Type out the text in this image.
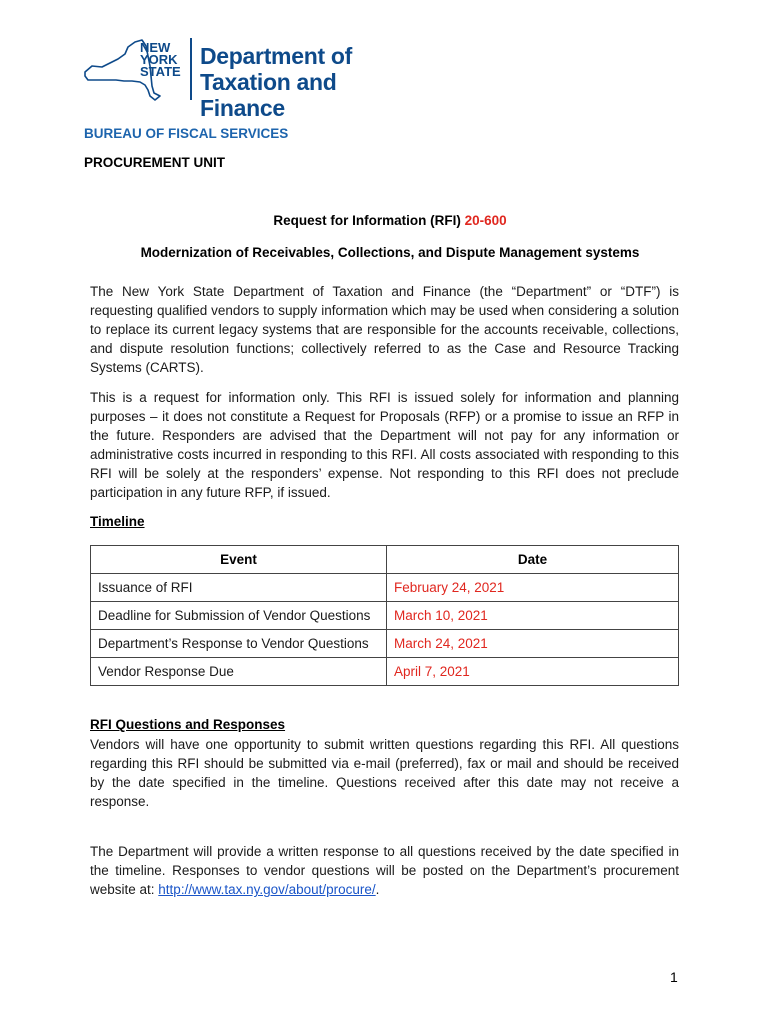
NEW
YORK
STATE
Department of
Taxation and Finance
BUREAU OF FISCAL SERVICES
PROCUREMENT UNIT
Request for Information (RFI) 20-600
Modernization of Receivables, Collections, and Dispute Management systems
The New York State Department of Taxation and Finance (the “Department” or “DTF”) is requesting qualified vendors to supply information which may be used when considering a solution to replace its current legacy systems that are responsible for the accounts receivable, collections, and dispute resolution functions; collectively referred to as the Case and Resource Tracking Systems (CARTS).
This is a request for information only. This RFI is issued solely for information and planning purposes – it does not constitute a Request for Proposals (RFP) or a promise to issue an RFP in the future. Responders are advised that the Department will not pay for any information or administrative costs incurred in responding to this RFI. All costs associated with responding to this RFI will be solely at the responders’ expense. Not responding to this RFI does not preclude participation in any future RFP, if issued.
Timeline
Event	Date
Issuance of RFI	February 24, 2021
Deadline for Submission of Vendor Questions	March 10, 2021
Department’s Response to Vendor Questions	March 24, 2021
Vendor Response Due	April 7, 2021
RFI Questions and Responses
Vendors will have one opportunity to submit written questions regarding this RFI. All questions regarding this RFI should be submitted via e-mail (preferred), fax or mail and should be received by the date specified in the timeline. Questions received after this date may not receive a response.
The Department will provide a written response to all questions received by the date specified in the timeline. Responses to vendor questions will be posted on the Department’s procurement website at: http://www.tax.ny.gov/about/procure/.
1
